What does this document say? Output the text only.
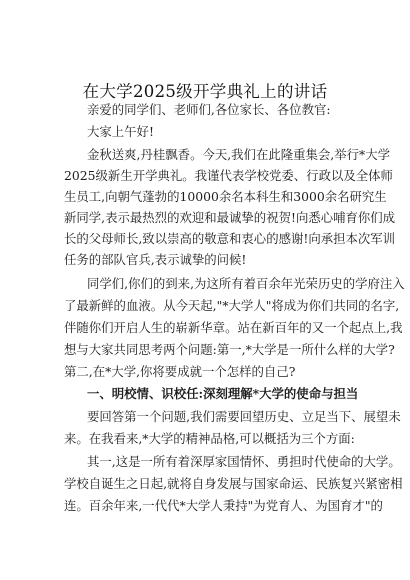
在大学2025级开学典礼上的讲话
亲爱的同学们、老师们,各位家长、各位教官:
大家上午好!
金秋送爽,丹桂飘香。今天,我们在此隆重集会,举行*大学
2025级新生开学典礼。我谨代表学校党委、行政以及全体师
生员工,向朝气蓬勃的10000余名本科生和3000余名研究生
新同学,表示最热烈的欢迎和最诚挚的祝贺!向悉心哺育你们成
长的父母师长,致以崇高的敬意和衷心的感谢!向承担本次军训
任务的部队官兵,表示诚挚的问候!
同学们,你们的到来,为这所有着百余年光荣历史的学府注入
了最新鲜的血液。从今天起,"*大学人"将成为你们共同的名字,
伴随你们开启人生的崭新华章。站在新百年的又一个起点上,我
想与大家共同思考两个问题:第一,*大学是一所什么样的大学?
第二,在*大学,你将要成就一个怎样的自己?
一、明校情、识校任:深刻理解*大学的使命与担当
要回答第一个问题,我们需要回望历史、立足当下、展望未
来。在我看来,*大学的精神品格,可以概括为三个方面:
其一,这是一所有着深厚家国情怀、勇担时代使命的大学。
学校自诞生之日起,就将自身发展与国家命运、民族复兴紧密相
连。百余年来,一代代*大学人秉持"为党育人、为国育才"的
